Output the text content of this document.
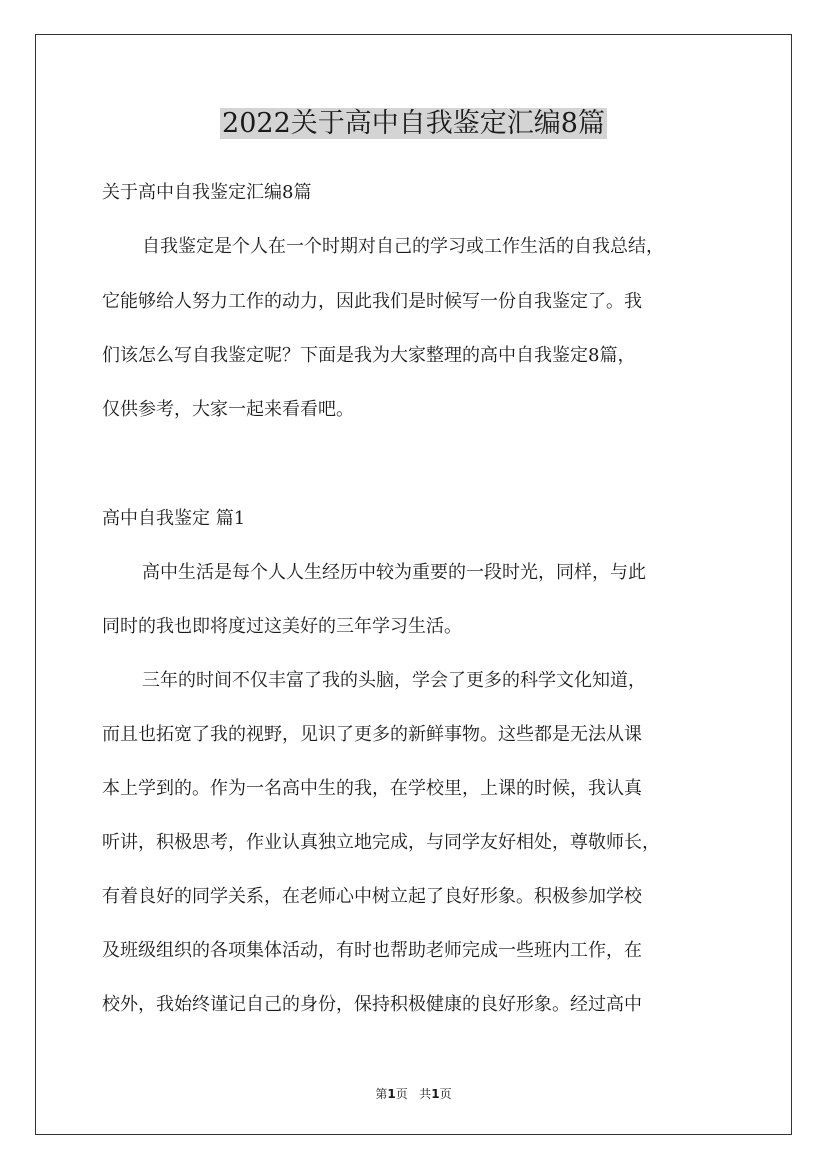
2022关于高中自我鉴定汇编8篇

关于高中自我鉴定汇编8篇

自我鉴定是个人在一个时期对自己的学习或工作生活的自我总结，

它能够给人努力工作的动力，因此我们是时候写一份自我鉴定了。我

们该怎么写自我鉴定呢？下面是我为大家整理的高中自我鉴定8篇，

仅供参考，大家一起来看看吧。

高中自我鉴定 篇1

高中生活是每个人人生经历中较为重要的一段时光，同样，与此

同时的我也即将度过这美好的三年学习生活。

三年的时间不仅丰富了我的头脑，学会了更多的科学文化知道，

而且也拓宽了我的视野，见识了更多的新鲜事物。这些都是无法从课

本上学到的。作为一名高中生的我，在学校里，上课的时候，我认真

听讲，积极思考，作业认真独立地完成，与同学友好相处，尊敬师长，

有着良好的同学关系，在老师心中树立起了良好形象。积极参加学校

及班级组织的各项集体活动，有时也帮助老师完成一些班内工作，在

校外，我始终谨记自己的身份，保持积极健康的良好形象。经过高中

第1页 共1页
